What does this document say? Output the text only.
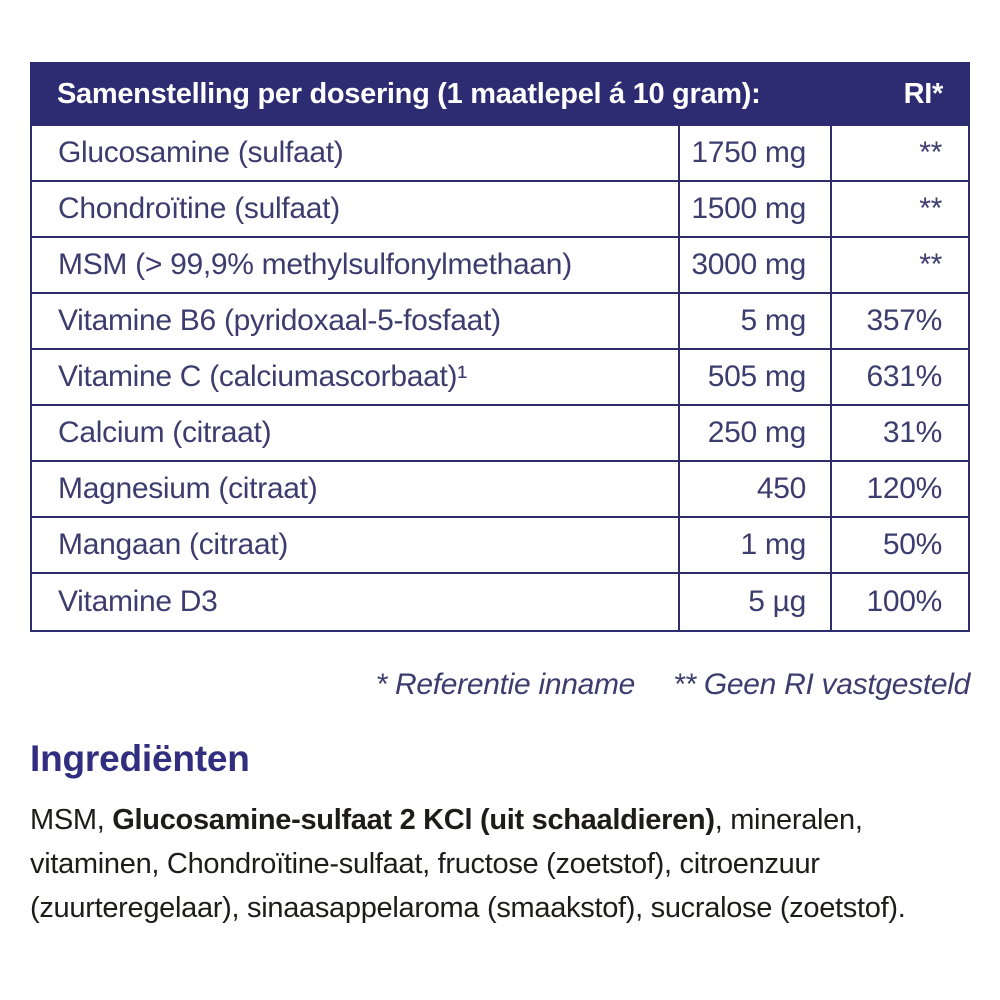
Samenstelling per dosering (1 maatlepel á 10 gram):	RI*
Glucosamine (sulfaat)	1750 mg	**
Chondroïtine (sulfaat)	1500 mg	**
MSM (> 99,9% methylsulfonylmethaan)	3000 mg	**
Vitamine B6 (pyridoxaal-5-fosfaat)	5 mg	357%
Vitamine C (calciumascorbaat)¹	505 mg	631%
Calcium (citraat)	250 mg	31%
Magnesium (citraat)	450	120%
Mangaan (citraat)	1 mg	50%
Vitamine D3	5 µg	100%
* Referentie inname ** Geen RI vastgesteld
Ingrediënten

MSM, Glucosamine-sulfaat 2 KCl (uit schaaldieren), mineralen, vitaminen, Chondroïtine-sulfaat, fructose (zoetstof), citroenzuur (zuurteregelaar), sinaasappelaroma (smaakstof), sucralose (zoetstof).
